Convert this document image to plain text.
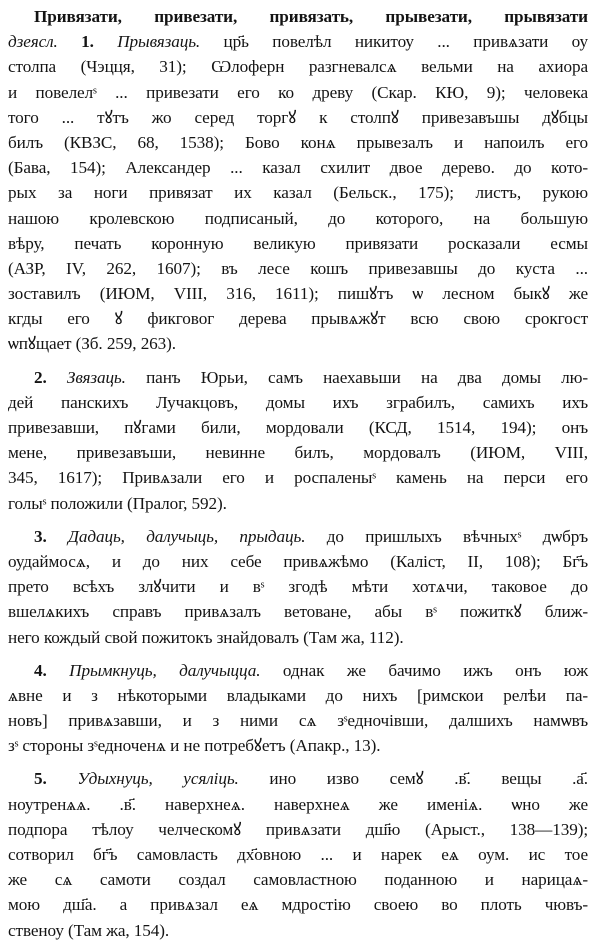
Привязати, привезати, привязать, прывезати, прывязати
дзеясл. 1. Прывязаць. цр҃ь повелѣл никитоу ... привѧзати оу
столпа (Чэцця, 31); Ѡлоферн разгневалсѧ вельми на ахиора
и повелелˢ ... привезати его ко древу (Скар. КЮ, 9); человека
того ... тꙋтъ жо серед торгꙋ к столпꙋ привезавъшы дꙋбцы
билъ (КВЗС, 68, 1538); Бово конѧ прывезалъ и напоилъ его
(Бава, 154); Александер ... казал схилит двое дерево. до кото-
рых за ноги привязат их казал (Бельск., 175); листъ, рукою
нашою кролевскою подписаный, до которого, на большую
вѣру, печать коронную великую привязати росказали есмы
(АЗР, IV, 262, 1607); въ лесе кошъ привезавшы до куста ...
зоставилъ (ИЮМ, VIII, 316, 1611); пишꙋтъ ѡ лесном быкꙋ же
кгды его ꙋ фикговог дерева прывѧжꙋт всю свою срокгост
ѡпꙋщает (Зб. 259, 263).
2. Звязаць. панъ Юрьи, самъ наехавьши на два домы лю-
дей панскихъ Лучакцовъ, домы ихъ зграбилъ, самихъ ихъ
привезавши, пꙋгами били, мордовали (КСД, 1514, 194); онъ
мене, привезавъши, невинне билъ, мордовалъ (ИЮМ, VIII,
345, 1617); Привѧзали его и роспаленыˢ камень на перси его
голыˢ положили (Пралог, 592).
3. Дадаць, далучыць, прыдаць. до пришлыхъ вѣчныхˢ дѡбръ
оудаймосѧ, и до них себе привѧжѣмо (Каліст, II, 108); Бг҃ъ
прето всѣхъ злꙋчити и вˢ згодѣ мѣти хотѧчи, таковое до
вшелѧкихъ справъ привѧзалъ ветоване, абы вˢ пожиткꙋ ближ-
него кождый свой пожитокъ знайдовалъ (Там жа, 112).
4. Прымкнуць, далучыцца. однак же бачимо ижъ онъ юж
ѧвне и з нѣкоторыми владыками до нихъ [римскои релѣи па-
новъ] привѧзавши, и з ними сѧ зˢедночівши, далшихъ намѡвъ
зˢ стороны зˢедноченѧ и не потребꙋетъ (Апакр., 13).
5. Удыхнуць, усяліць. ино изво семꙋ .в҃. вещы .а҃.
ноутренѧѧ. .в҃. наверхнеѧ. наверхнеѧ же именіѧ. ѡно же
подпора тѣлоу челческомꙋ привѧзати дш҃ю (Арыст., 138—139);
сотворил бг҃ъ самовласть дх҃овною ... и нарек еѧ оум. ис тое
же сѧ самоти создал самовластною поданною и нарицаѧ-
мою дш҃а. а привѧзал еѧ мдростію своею во плоть чювъ-
ственоу (Там жа, 154).
